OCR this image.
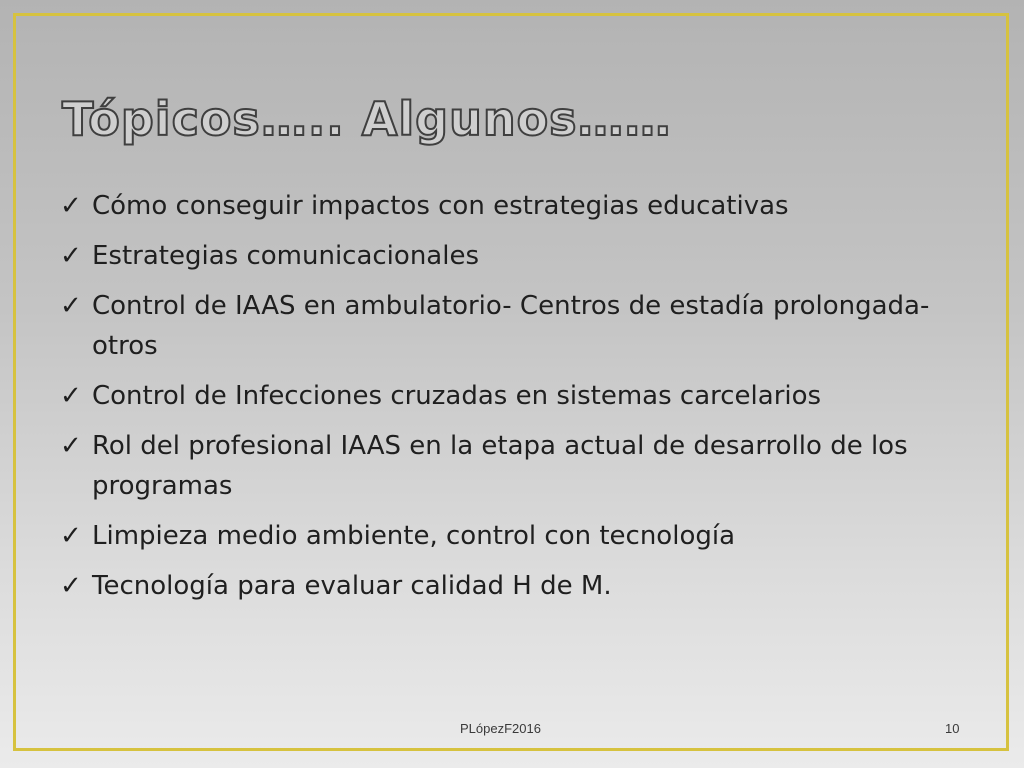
Tópicos….. Algunos……
✓ Cómo conseguir impactos con estrategias educativas
✓ Estrategias comunicacionales
✓ Control de IAAS en ambulatorio- Centros de estadía prolongada- otros
✓ Control de Infecciones cruzadas en sistemas carcelarios
✓ Rol del profesional IAAS en la etapa actual de desarrollo de los programas
✓ Limpieza medio ambiente, control con tecnología
✓ Tecnología para evaluar calidad H de M.
PLópezF2016	10
